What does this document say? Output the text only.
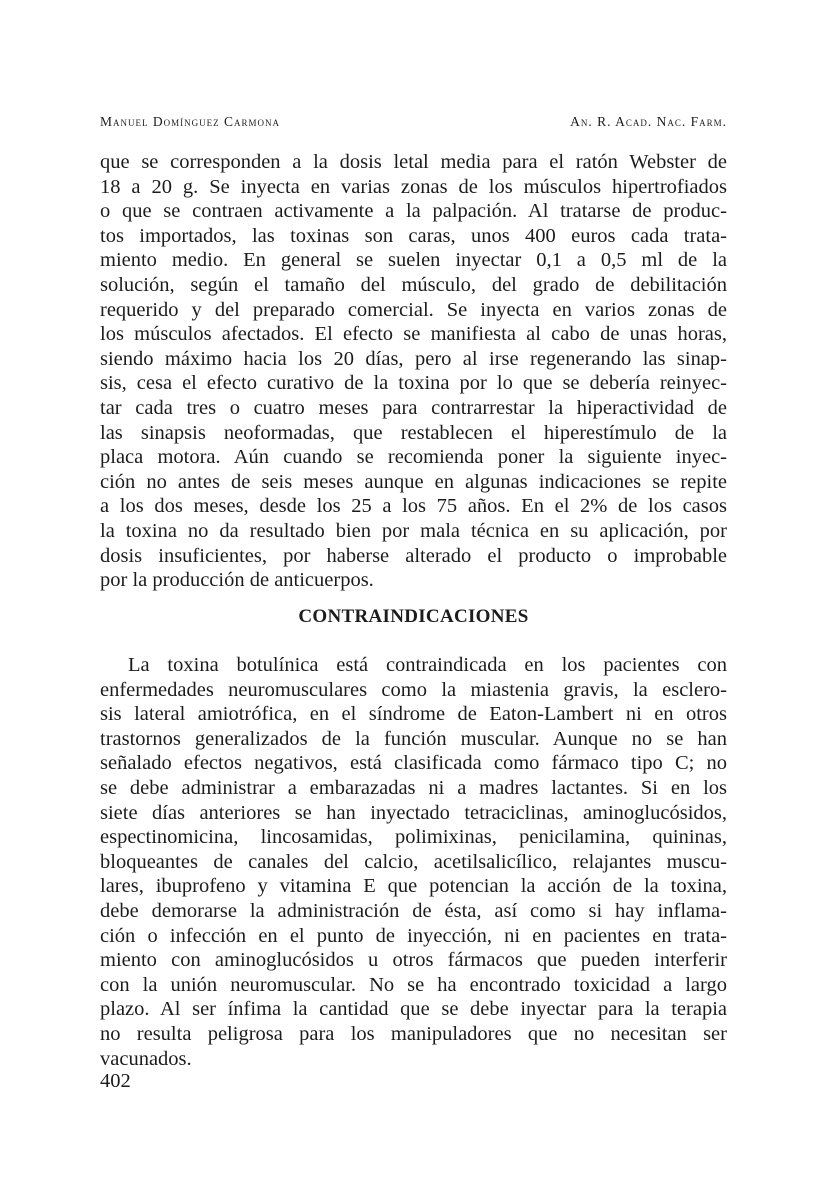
Manuel Domínguez Carmona	An. R. Acad. Nac. Farm.
que se corresponden a la dosis letal media para el ratón Webster de
18 a 20 g. Se inyecta en varias zonas de los músculos hipertrofiados
o que se contraen activamente a la palpación. Al tratarse de produc-
tos importados, las toxinas son caras, unos 400 euros cada trata-
miento medio. En general se suelen inyectar 0,1 a 0,5 ml de la
solución, según el tamaño del músculo, del grado de debilitación
requerido y del preparado comercial. Se inyecta en varios zonas de
los músculos afectados. El efecto se manifiesta al cabo de unas horas,
siendo máximo hacia los 20 días, pero al irse regenerando las sinap-
sis, cesa el efecto curativo de la toxina por lo que se debería reinyec-
tar cada tres o cuatro meses para contrarrestar la hiperactividad de
las sinapsis neoformadas, que restablecen el hiperestímulo de la
placa motora. Aún cuando se recomienda poner la siguiente inyec-
ción no antes de seis meses aunque en algunas indicaciones se repite
a los dos meses, desde los 25 a los 75 años. En el 2% de los casos
la toxina no da resultado bien por mala técnica en su aplicación, por
dosis insuficientes, por haberse alterado el producto o improbable
por la producción de anticuerpos.
CONTRAINDICACIONES
La toxina botulínica está contraindicada en los pacientes con
enfermedades neuromusculares como la miastenia gravis, la esclero-
sis lateral amiotrófica, en el síndrome de Eaton-Lambert ni en otros
trastornos generalizados de la función muscular. Aunque no se han
señalado efectos negativos, está clasificada como fármaco tipo C; no
se debe administrar a embarazadas ni a madres lactantes. Si en los
siete días anteriores se han inyectado tetraciclinas, aminoglucósidos,
espectinomicina, lincosamidas, polimixinas, penicilamina, quininas,
bloqueantes de canales del calcio, acetilsalicílico, relajantes muscu-
lares, ibuprofeno y vitamina E que potencian la acción de la toxina,
debe demorarse la administración de ésta, así como si hay inflama-
ción o infección en el punto de inyección, ni en pacientes en trata-
miento con aminoglucósidos u otros fármacos que pueden interferir
con la unión neuromuscular. No se ha encontrado toxicidad a largo
plazo. Al ser ínfima la cantidad que se debe inyectar para la terapia
no resulta peligrosa para los manipuladores que no necesitan ser
vacunados.
402
